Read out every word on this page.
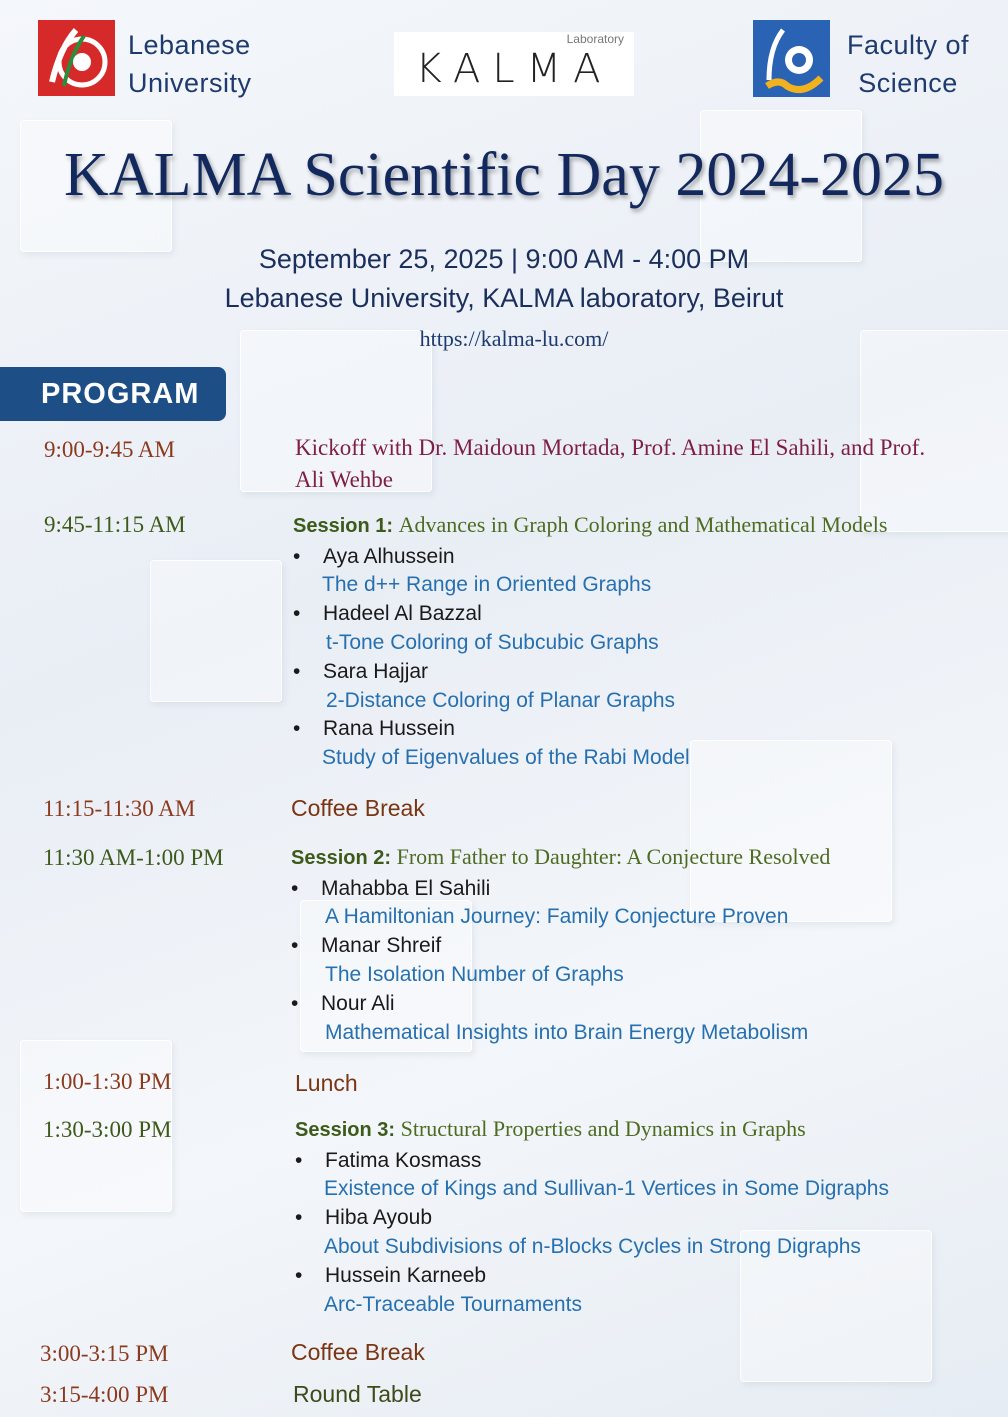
Lebanese
University
Laboratory
KALMA
Faculty of
Science
KALMA Scientific Day 2024-2025
September 25, 2025 | 9:00 AM - 4:00 PM
Lebanese University, KALMA laboratory, Beirut
https://kalma-lu.com/
PROGRAM
9:00-9:45 AM	Kickoff with Dr. Maidoun Mortada, Prof. Amine El Sahili, and Prof. Ali Wehbe
9:45-11:15 AM	Session 1: Advances in Graph Coloring and Mathematical Models
• Aya Alhussein
The d++ Range in Oriented Graphs
• Hadeel Al Bazzal
t-Tone Coloring of Subcubic Graphs
• Sara Hajjar
2-Distance Coloring of Planar Graphs
• Rana Hussein
Study of Eigenvalues of the Rabi Model
11:15-11:30 AM	Coffee Break
11:30 AM-1:00 PM	Session 2: From Father to Daughter: A Conjecture Resolved
• Mahabba El Sahili
A Hamiltonian Journey: Family Conjecture Proven
• Manar Shreif
The Isolation Number of Graphs
• Nour Ali
Mathematical Insights into Brain Energy Metabolism
1:00-1:30 PM	Lunch
1:30-3:00 PM	Session 3: Structural Properties and Dynamics in Graphs
• Fatima Kosmass
Existence of Kings and Sullivan-1 Vertices in Some Digraphs
• Hiba Ayoub
About Subdivisions of n-Blocks Cycles in Strong Digraphs
• Hussein Karneeb
Arc-Traceable Tournaments
3:00-3:15 PM	Coffee Break
3:15-4:00 PM	Round Table
